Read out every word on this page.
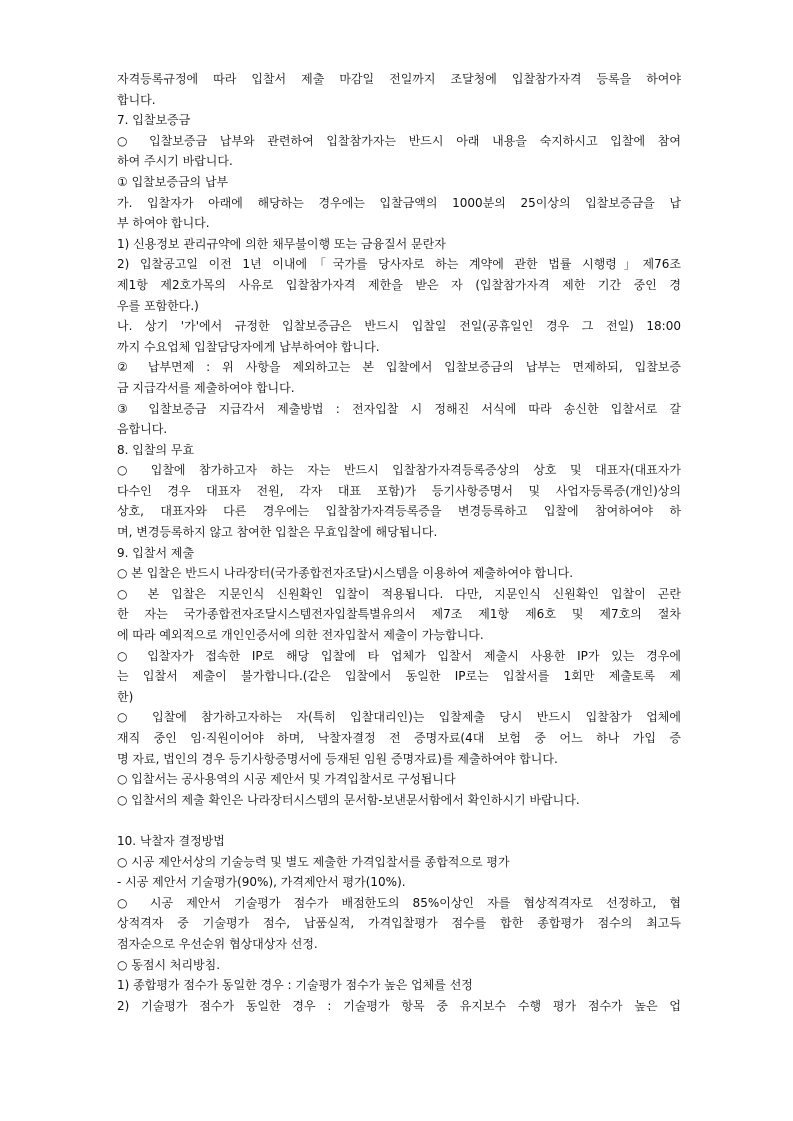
자격등록규정에 따라 입찰서 제출 마감일 전일까지 조달청에 입찰참가자격 등록을 하여야
합니다.
7. 입찰보증금
○ 입찰보증금 납부와 관련하여 입찰참가자는 반드시 아래 내용을 숙지하시고 입찰에 참여
하여 주시기 바랍니다.
① 입찰보증금의 납부
가. 입찰자가 아래에 해당하는 경우에는 입찰금액의 1000분의 25이상의 입찰보증금을 납
부 하여야 합니다.
1) 신용정보 관리규약에 의한 채무불이행 또는 금융질서 문란자
2) 입찰공고일 이전 1년 이내에「국가를 당사자로 하는 계약에 관한 법률 시행령」제76조
제1항 제2호가목의 사유로 입찰참가자격 제한을 받은 자 (입찰참가자격 제한 기간 중인 경
우를 포함한다.)
나. 상기 '가'에서 규정한 입찰보증금은 반드시 입찰일 전일(공휴일인 경우 그 전일) 18:00
까지 수요업체 입찰담당자에게 납부하여야 합니다.
② 납부면제 : 위 사항을 제외하고는 본 입찰에서 입찰보증금의 납부는 면제하되, 입찰보증
금 지급각서를 제출하여야 합니다.
③ 입찰보증금 지급각서 제출방법 : 전자입찰 시 정해진 서식에 따라 송신한 입찰서로 갈
음합니다.
8. 입찰의 무효
○ 입찰에 참가하고자 하는 자는 반드시 입찰참가자격등록증상의 상호 및 대표자(대표자가
다수인 경우 대표자 전원, 각자 대표 포함)가 등기사항증명서 및 사업자등록증(개인)상의
상호, 대표자와 다른 경우에는 입찰참가자격등록증을 변경등록하고 입찰에 참여하여야 하
며, 변경등록하지 않고 참여한 입찰은 무효입찰에 해당됩니다.
9. 입찰서 제출
○ 본 입찰은 반드시 나라장터(국가종합전자조달)시스템을 이용하여 제출하여야 합니다.
○ 본 입찰은 지문인식 신원확인 입찰이 적용됩니다. 다만, 지문인식 신원확인 입찰이 곤란
한 자는 국가종합전자조달시스템전자입찰특별유의서 제7조 제1항 제6호 및 제7호의 절차
에 따라 예외적으로 개인인증서에 의한 전자입찰서 제출이 가능합니다.
○ 입찰자가 접속한 IP로 해당 입찰에 타 업체가 입찰서 제출시 사용한 IP가 있는 경우에
는 입찰서 제출이 불가합니다.(같은 입찰에서 동일한 IP로는 입찰서를 1회만 제출토록 제
한)
○ 입찰에 참가하고자하는 자(특히 입찰대리인)는 입찰제출 당시 반드시 입찰참가 업체에
재직 중인 임·직원이어야 하며, 낙찰자결정 전 증명자료(4대 보험 중 어느 하나 가입 증
명 자료, 법인의 경우 등기사항증명서에 등재된 임원 증명자료)를 제출하여야 합니다.
○ 입찰서는 공사용역의 시공 제안서 및 가격입찰서로 구성됩니다
○ 입찰서의 제출 확인은 나라장터시스템의 문서함-보낸문서함에서 확인하시기 바랍니다.
10. 낙찰자 결정방법
○ 시공 제안서상의 기술능력 및 별도 제출한 가격입찰서를 종합적으로 평가
- 시공 제안서 기술평가(90%), 가격제안서 평가(10%).
○ 시공 제안서 기술평가 점수가 배점한도의 85%이상인 자를 협상적격자로 선정하고, 협
상적격자 중 기술평가 점수, 납품실적, 가격입찰평가 점수를 합한 종합평가 점수의 최고득
점자순으로 우선순위 협상대상자 선정.
○ 동점시 처리방침.
1) 종합평가 점수가 동일한 경우 : 기술평가 점수가 높은 업체를 선정
2) 기술평가 점수가 동일한 경우 : 기술평가 항목 중 유지보수 수행 평가 점수가 높은 업
